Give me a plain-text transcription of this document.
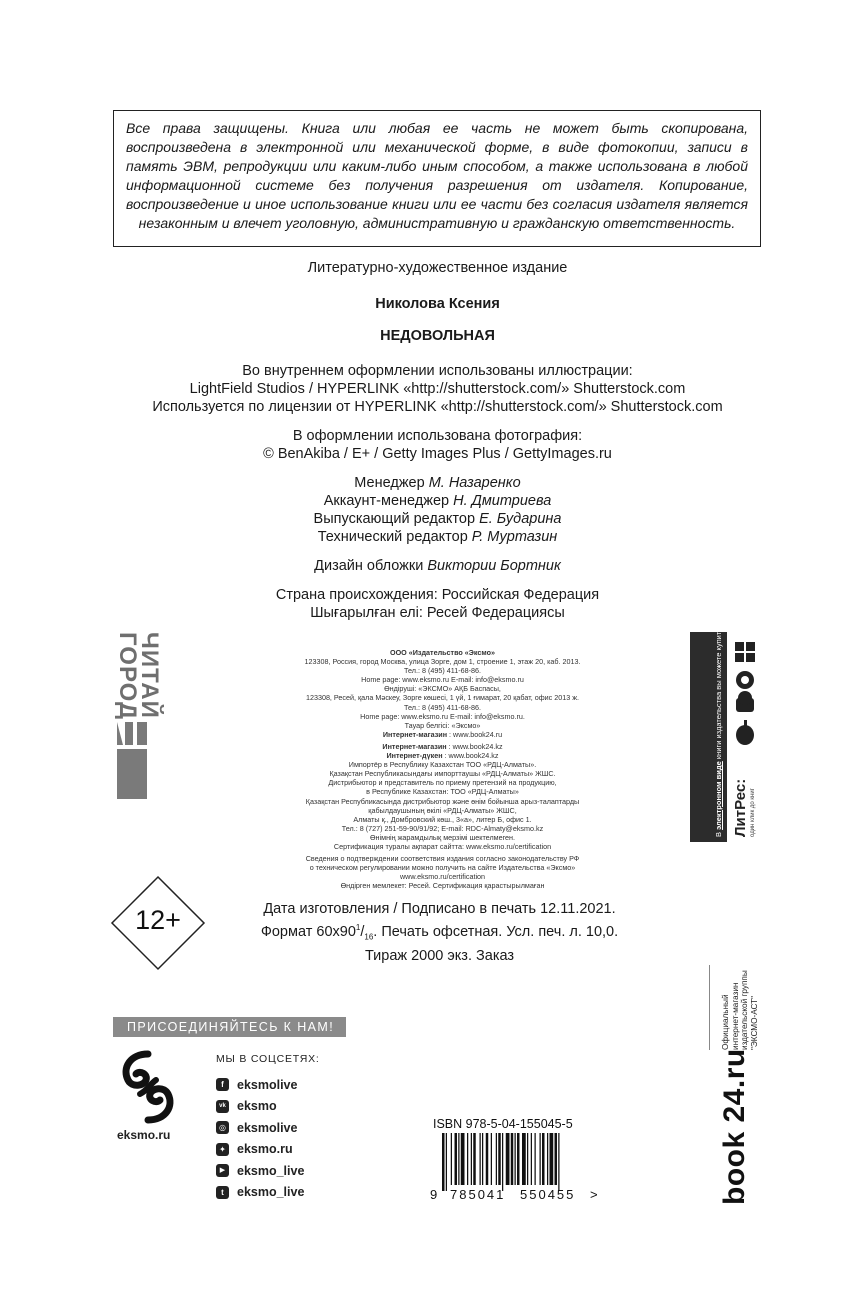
Все права защищены. Книга или любая ее часть не может быть скопирована, воспроизведена в электронной или механической форме, в виде фотокопии, записи в память ЭВМ, репродукции или каким-либо иным способом, а также использована в любой информационной системе без получения разрешения от издателя. Копирование, воспроизведение и иное использование книги или ее части без согласия издателя является незаконным и влечет уголовную, административную и гражданскую ответственность.
Литературно-художественное издание
Николова Ксения
НЕДОВОЛЬНАЯ
Во внутреннем оформлении использованы иллюстрации:
LightField Studios / HYPERLINK «http://shutterstock.com/» Shutterstock.com
Используется по лицензии от HYPERLINK «http://shutterstock.com/» Shutterstock.com
В оформлении использована фотография:
© BenAkiba / E+ / Getty Images Plus / GettyImages.ru
Менеджер М. Назаренко
Аккаунт-менеджер Н. Дмитриева
Выпускающий редактор Е. Бударина
Технический редактор Р. Муртазин
Дизайн обложки Виктории Бортник
Страна происхождения: Российская Федерация
Шығарылған елі: Ресей Федерациясы
ЧИТАЙ
ГОРОД	ООО «Издательство «Эксмо»

123308, Россия, город Москва, улица Зорге, дом 1, строение 1, этаж 20, каб. 2013.

Тел.: 8 (495) 411-68-86.

Home page: www.eksmo.ru E-mail: info@eksmo.ru

Өндіруші: «ЭКСМО» АҚБ Баспасы,

123308, Ресей, қала Мәскеу, Зорге көшесі, 1 үй, 1 ғимарат, 20 қабат, офис 2013 ж.

Тел.: 8 (495) 411-68-86.

Home page: www.eksmo.ru E-mail: info@eksmo.ru.

Тауар белгісі: «Эксмо»

Интернет-магазин : www.book24.ru

Интернет-магазин : www.book24.kz

Интернет-дүкен : www.book24.kz

Импортёр в Республику Казахстан ТОО «РДЦ-Алматы».

Қазақстан Республикасындағы импорттаушы «РДЦ-Алматы» ЖШС.

Дистрибьютор и представитель по приему претензий на продукцию,

в Республике Казахстан: ТОО «РДЦ-Алматы»

Қазақстан Республикасында дистрибьютор және өнім бойынша арыз-талаптарды

қабылдаушының өкілі «РДЦ-Алматы» ЖШС,

Алматы қ., Домбровский көш., 3«а», литер Б, офис 1.

Тел.: 8 (727) 251-59-90/91/92; E-mail: RDC-Almaty@eksmo.kz

Өнімнің жарамдылық мерзімі шектелмеген.

Сертификация туралы ақпарат сайтта: www.eksmo.ru/certification

Сведения о подтверждении соответствия издания согласно законодательству РФ

о техническом регулировании можно получить на сайте Издательства «Эксмо»

www.eksmo.ru/certification

Өндірген мемлекет: Ресей. Сертификация қарастырылмаған

В электронном виде книги издательства вы можете купить на www.litres.ru
ЛитРес: один клик до книг
12+	Дата изготовления / Подписано в печать 12.11.2021.

Формат $60x90^1/_{16}$. Печать офсетная. Усл. печ. л. 10,0.

Тираж 2000 экз. Заказ

ПРИСОЕДИНЯЙТЕСЬ К НАМ!
eksmo.ru
МЫ В СОЦСЕТЯХ:
f	eksmolive
vk eksmo
◎ eksmolive
✦ eksmo.ru
▶ eksmo_live
t	eksmo_live
ISBN 978-5-04-155045-5
9 785041 550455 >
Официальный интернет-магазин издательской группы "ЭКСМО-АСТ"
book 24.ru
